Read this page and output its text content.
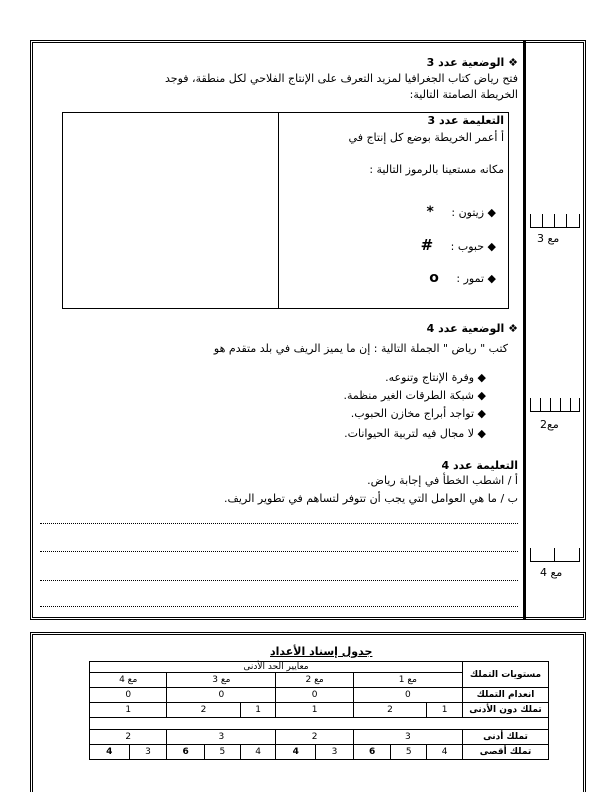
❖ الوضعية عدد 3
فتح رياض كتاب الجغرافيا لمزيد التعرف على الإنتاج الفلاحي لكل منطقة، فوجد
الخريطة الصامتة التالية:
التعليمة عدد 3
أ أعمر الخريطة بوضع كل إنتاج في
مكانه مستعينا بالرموز التالية :
◆ زيتون : *
◆ حبوب : #
◆ تمور : o
❖ الوضعية عدد 4
كتب " رياض " الجملة التالية : إن ما يميز الريف في بلد متقدم هو
◆ وفرة الإنتاج وتنوعه.
◆ شبكة الطرقات الغير منظمة.
◆ تواجد أبراج مخازن الحبوب.
◆ لا مجال فيه لتربية الحيوانات.
التعليمة عدد 4
أ / اشطب الخطأ في إجابة رياض.
ب / ما هي العوامل التي يجب أن تتوفر لتساهم في تطوير الريف.
مع 3
مع2
مع 4
جدول إسناد الأعداد
معايير الحد الأدنى										مستويات التملك
مع 4		مع 3			مع 2		مع 1			
0		0			0		0			انعدام التملك
1		2		1	1		2		1	تملك دون الأدنى

2		3			2		3			تملك أدنى
4	3	6	5	4	4	3	6	5	4	تملك أقصى
